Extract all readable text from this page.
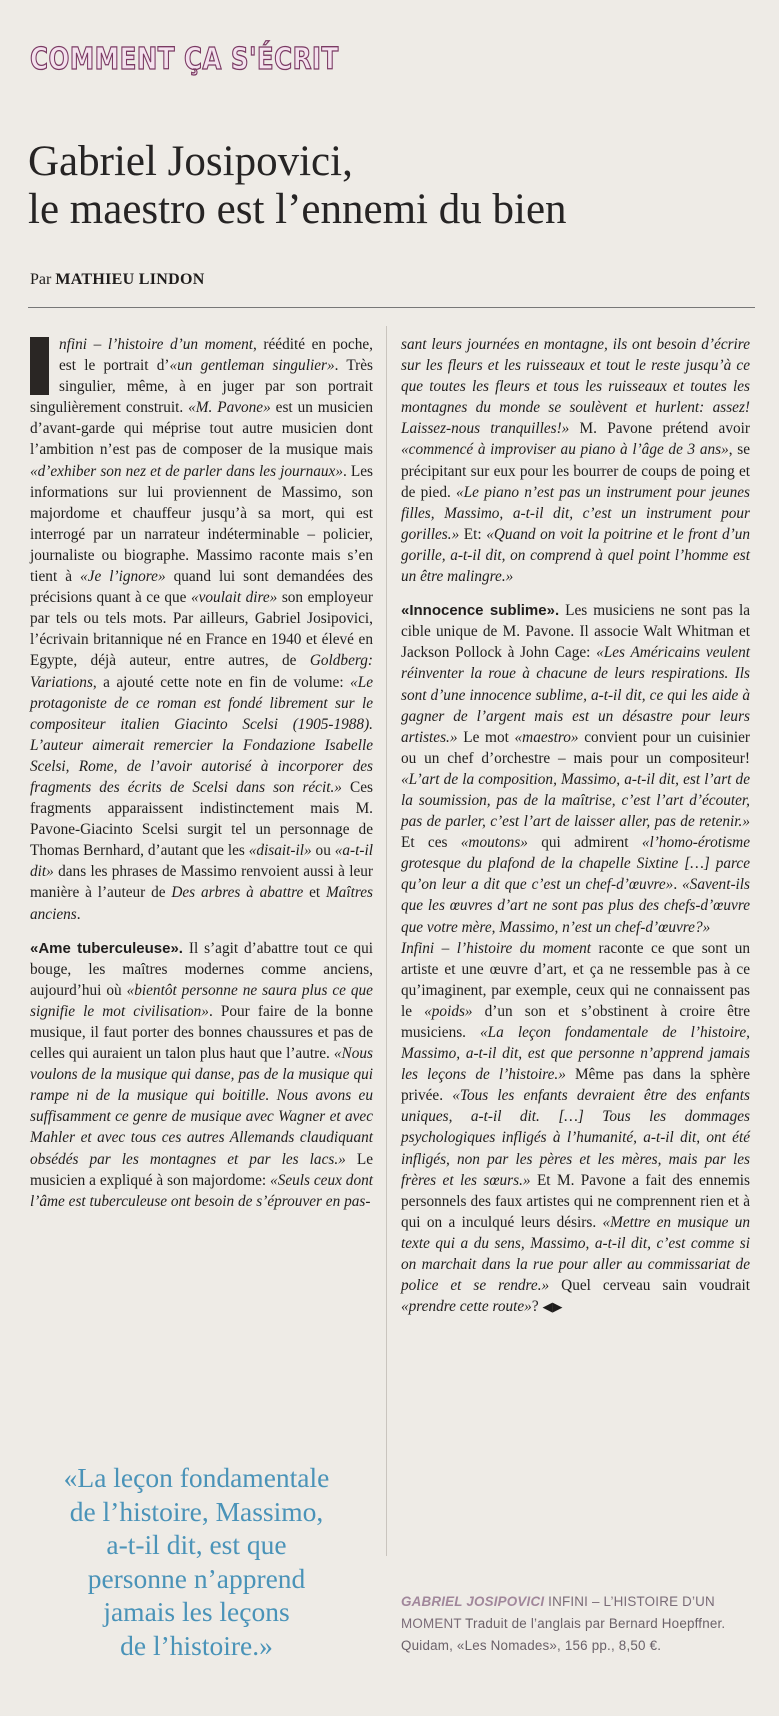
COMMENT ÇA S'ÉCRIT
Gabriel Josipovici,
le maestro est l’ennemi du bien
Par MATHIEU LINDON

nfini – l’histoire d’un moment, réédité en poche, est le portrait d’«un gentleman singulier». Très singulier, même, à en juger par son portrait singulièrement construit. «M. Pavone» est un musicien d’avant-garde qui méprise tout autre musicien dont l’ambition n’est pas de composer de la musique mais «d’exhiber son nez et de parler dans les journaux». Les informations sur lui proviennent de Massimo, son majordome et chauffeur jusqu’à sa mort, qui est interrogé par un narrateur indéterminable – policier, journaliste ou biographe. Massimo raconte mais s’en tient à «Je l’ignore» quand lui sont demandées des précisions quant à ce que «voulait dire» son employeur par tels ou tels mots. Par ailleurs, Gabriel Josipovici, l’écrivain britannique né en France en 1940 et élevé en Egypte, déjà auteur, entre autres, de Goldberg: Variations, a ajouté cette note en fin de volume: «Le protagoniste de ce roman est fondé librement sur le compositeur italien Giacinto Scelsi (1905-1988). L’auteur aimerait remercier la Fondazione Isabelle Scelsi, Rome, de l’avoir autorisé à incorporer des fragments des écrits de Scelsi dans son récit.» Ces fragments apparaissent indistinctement mais M. Pavone-Giacinto Scelsi surgit tel un personnage de Thomas Bernhard, d’autant que les «disait-il» ou «a-t-il dit» dans les phrases de Massimo renvoient aussi à leur manière à l’auteur de Des arbres à abattre et Maîtres anciens.

«Ame tuberculeuse». Il s’agit d’abattre tout ce qui bouge, les maîtres modernes comme anciens, aujourd’hui où «bientôt personne ne saura plus ce que signifie le mot civilisation». Pour faire de la bonne musique, il faut porter des bonnes chaussures et pas de celles qui auraient un talon plus haut que l’autre. «Nous voulons de la musique qui danse, pas de la musique qui rampe ni de la musique qui boitille. Nous avons eu suffisamment ce genre de musique avec Wagner et avec Mahler et avec tous ces autres Allemands claudiquant obsédés par les montagnes et par les lacs.» Le musicien a expliqué à son majordome: «Seuls ceux dont l’âme est tuberculeuse ont besoin de s’éprouver en pas-

sant leurs journées en montagne, ils ont besoin d’écrire sur les fleurs et les ruisseaux et tout le reste jusqu’à ce que toutes les fleurs et tous les ruisseaux et toutes les montagnes du monde se soulèvent et hurlent: assez! Laissez-nous tranquilles!» M. Pavone prétend avoir «commencé à improviser au piano à l’âge de 3 ans», se précipitant sur eux pour les bourrer de coups de poing et de pied. «Le piano n’est pas un instrument pour jeunes filles, Massimo, a-t-il dit, c’est un instrument pour gorilles.» Et: «Quand on voit la poitrine et le front d’un gorille, a-t-il dit, on comprend à quel point l’homme est un être malingre.»

«Innocence sublime». Les musiciens ne sont pas la cible unique de M. Pavone. Il associe Walt Whitman et Jackson Pollock à John Cage: «Les Américains veulent réinventer la roue à chacune de leurs respirations. Ils sont d’une innocence sublime, a-t-il dit, ce qui les aide à gagner de l’argent mais est un désastre pour leurs artistes.» Le mot «maestro» convient pour un cuisinier ou un chef d’orchestre – mais pour un compositeur! «L’art de la composition, Massimo, a-t-il dit, est l’art de la soumission, pas de la maîtrise, c’est l’art d’écouter, pas de parler, c’est l’art de laisser aller, pas de retenir.» Et ces «moutons» qui admirent «l’homo-érotisme grotesque du plafond de la chapelle Sixtine […] parce qu’on leur a dit que c’est un chef-d’œuvre». «Savent-ils que les œuvres d’art ne sont pas plus des chefs-d’œuvre que votre mère, Massimo, n’est un chef-d’œuvre?»

Infini – l’histoire du moment raconte ce que sont un artiste et une œuvre d’art, et ça ne ressemble pas à ce qu’imaginent, par exemple, ceux qui ne connaissent pas le «poids» d’un son et s’obstinent à croire être musiciens. «La leçon fondamentale de l’histoire, Massimo, a-t-il dit, est que personne n’apprend jamais les leçons de l’histoire.» Même pas dans la sphère privée. «Tous les enfants devraient être des enfants uniques, a-t-il dit. […] Tous les dommages psychologiques infligés à l’humanité, a-t-il dit, ont été infligés, non par les pères et les mères, mais par les frères et les sœurs.» Et M. Pavone a fait des ennemis personnels des faux artistes qui ne comprennent rien et à qui on a inculqué leurs désirs. «Mettre en musique un texte qui a du sens, Massimo, a-t-il dit, c’est comme si on marchait dans la rue pour aller au commissariat de police et se rendre.» Quel cerveau sain voudrait «prendre cette route»? ◀▶

«La leçon fondamentale
de l’histoire, Massimo,
a-t-il dit, est que
personne n’apprend
jamais les leçons
de l’histoire.»
GABRIEL JOSIPOVICI INFINI – L’HISTOIRE D’UN MOMENT Traduit de l’anglais par Bernard Hoepffner. Quidam, «Les Nomades», 156 pp., 8,50 €.
